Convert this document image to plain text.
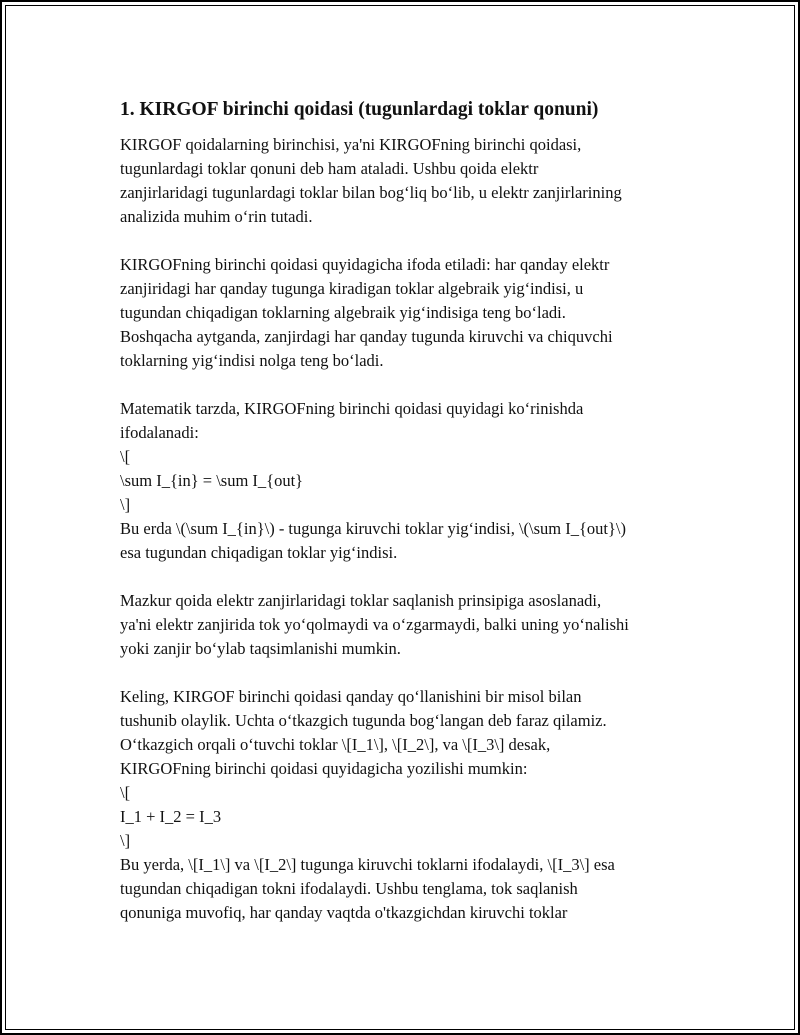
1. KIRGOF birinchi qoidasi (tugunlardagi toklar qonuni)

KIRGOF qoidalarning birinchisi, ya'ni KIRGOFning birinchi qoidasi,
tugunlardagi toklar qonuni deb ham ataladi. Ushbu qoida elektr
zanjirlaridagi tugunlardagi toklar bilan bog‘liq bo‘lib, u elektr zanjirlarining
analizida muhim o‘rin tutadi.

KIRGOFning birinchi qoidasi quyidagicha ifoda etiladi: har qanday elektr
zanjiridagi har qanday tugunga kiradigan toklar algebraik yig‘indisi, u
tugundan chiqadigan toklarning algebraik yig‘indisiga teng bo‘ladi.
Boshqacha aytganda, zanjirdagi har qanday tugunda kiruvchi va chiquvchi
toklarning yig‘indisi nolga teng bo‘ladi.

Matematik tarzda, KIRGOFning birinchi qoidasi quyidagi ko‘rinishda
ifodalanadi:
\[
\sum I_{in} = \sum I_{out}
\]
Bu erda \(\sum I_{in}\) - tugunga kiruvchi toklar yig‘indisi, \(\sum I_{out}\)
esa tugundan chiqadigan toklar yig‘indisi.

Mazkur qoida elektr zanjirlaridagi toklar saqlanish prinsipiga asoslanadi,
ya'ni elektr zanjirida tok yo‘qolmaydi va o‘zgarmaydi, balki uning yo‘nalishi
yoki zanjir bo‘ylab taqsimlanishi mumkin.

Keling, KIRGOF birinchi qoidasi qanday qo‘llanishini bir misol bilan
tushunib olaylik. Uchta o‘tkazgich tugunda bog‘langan deb faraz qilamiz.
O‘tkazgich orqali o‘tuvchi toklar \[I_1\], \[I_2\], va \[I_3\] desak,
KIRGOFning birinchi qoidasi quyidagicha yozilishi mumkin:
\[
I_1 + I_2 = I_3
\]
Bu yerda, \[I_1\] va \[I_2\] tugunga kiruvchi toklarni ifodalaydi, \[I_3\] esa
tugundan chiqadigan tokni ifodalaydi. Ushbu tenglama, tok saqlanish
qonuniga muvofiq, har qanday vaqtda o'tkazgichdan kiruvchi toklar
